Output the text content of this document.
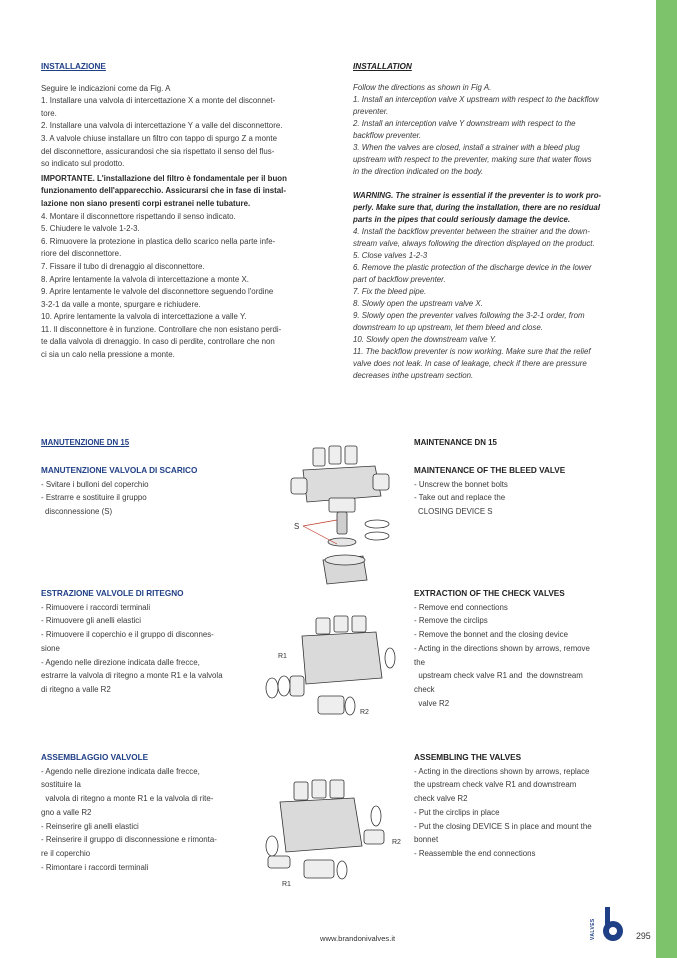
INSTALLAZIONE

Seguire le indicazioni come da Fig. A

1. Installare una valvola di intercettazione X a monte del disconnet-

tore.

2. Installare una valvola di intercettazione Y a valle del disconnettore.

3. A valvole chiuse installare un filtro con tappo di spurgo Z a monte

del disconnettore, assicurandosi che sia rispettato il senso del flus-

so indicato sul prodotto.

IMPORTANTE. L'installazione del filtro è fondamentale per il buon

funzionamento dell'apparecchio. Assicurarsi che in fase di instal-

lazione non siano presenti corpi estranei nelle tubature.

4. Montare il disconnettore rispettando il senso indicato.

5. Chiudere le valvole 1-2-3.

6. Rimuovere la protezione in plastica dello scarico nella parte infe-

riore del disconnettore.

7. Fissare il tubo di drenaggio al disconnettore.

8. Aprire lentamente la valvola di intercettazione a monte X.

9. Aprire lentamente le valvole del disconnettore seguendo l'ordine

3-2-1 da valle a monte, spurgare e richiudere.

10. Aprire lentamente la valvola di intercettazione a valle Y.

11. Il disconnettore è in funzione. Controllare che non esistano perdi-

te dalla valvola di drenaggio. In caso di perdite, controllare che non

ci sia un calo nella pressione a monte.

INSTALLATION

Follow the directions as shown in Fig A.

1. Install an interception valve X upstream with respect to the backflow

preventer.

2. Install an interception valve Y downstream with respect to the

backflow preventer.

3. When the valves are closed, install a strainer with a bleed plug

upstream with respect to the preventer, making sure that water flows

in the direction indicated on the body.

WARNING. The strainer is essential if the preventer is to work pro-

perly. Make sure that, during the installation, there are no residual

parts in the pipes that could seriously damage the device.

4. Install the backflow preventer between the strainer and the down-

stream valve, always following the direction displayed on the product.

5. Close valves 1-2-3

6. Remove the plastic protection of the discharge device in the lower

part of backflow preventer.

7. Fix the bleed pipe.

8. Slowly open the upstream valve X.

9. Slowly open the preventer valves following the 3-2-1 order, from

downstream to up upstream, let them bleed and close.

10. Slowly open the downstream valve Y.

11. The backflow preventer is now working. Make sure that the relief

valve does not leak. In case of leakage, check if there are pressure

decreases inthe upstream section.

MANUTENZIONE DN 15	MAINTENANCE DN 15
MANUTENZIONE VALVOLA DI SCARICO

- Svitare i bulloni del coperchio

- Estrarre e sostituire il gruppo

disconnessione (S)

MAINTENANCE OF THE BLEED VALVE

- Unscrew the bonnet bolts

- Take out and replace the

CLOSING DEVICE S

S
ESTRAZIONE VALVOLE DI RITEGNO

- Rimuovere i raccordi terminali

- Rimuovere gli anelli elastici

- Rimuovere il coperchio e il gruppo di disconnes-

sione

- Agendo nelle direzione indicata dalle frecce,

estrarre la valvola di ritegno a monte R1 e la valvola

di ritegno a valle R2

EXTRACTION OF THE CHECK VALVES

- Remove end connections

- Remove the circlips

- Remove the bonnet and the closing device

- Acting in the directions shown by arrows, remove

the

upstream check valve R1 and  the downstream

check

valve R2

R1
R2
ASSEMBLAGGIO VALVOLE

- Agendo nelle direzione indicata dalle frecce,

sostituire la

valvola di ritegno a monte R1 e la valvola di rite-

gno a valle R2

- Reinserire gli anelli elastici

- Reinserire il gruppo di disconnessione e rimonta-

re il coperchio

- Rimontare i raccordi terminali

ASSEMBLING THE VALVES

- Acting in the directions shown by arrows, replace

the upstream check valve R1 and downstream

check valve R2

- Put the circlips in place

- Put the closing DEVICE S in place and mount the

bonnet

- Reassemble the end connections

R2
R1
www.brandonivalves.it	VALVES	295
